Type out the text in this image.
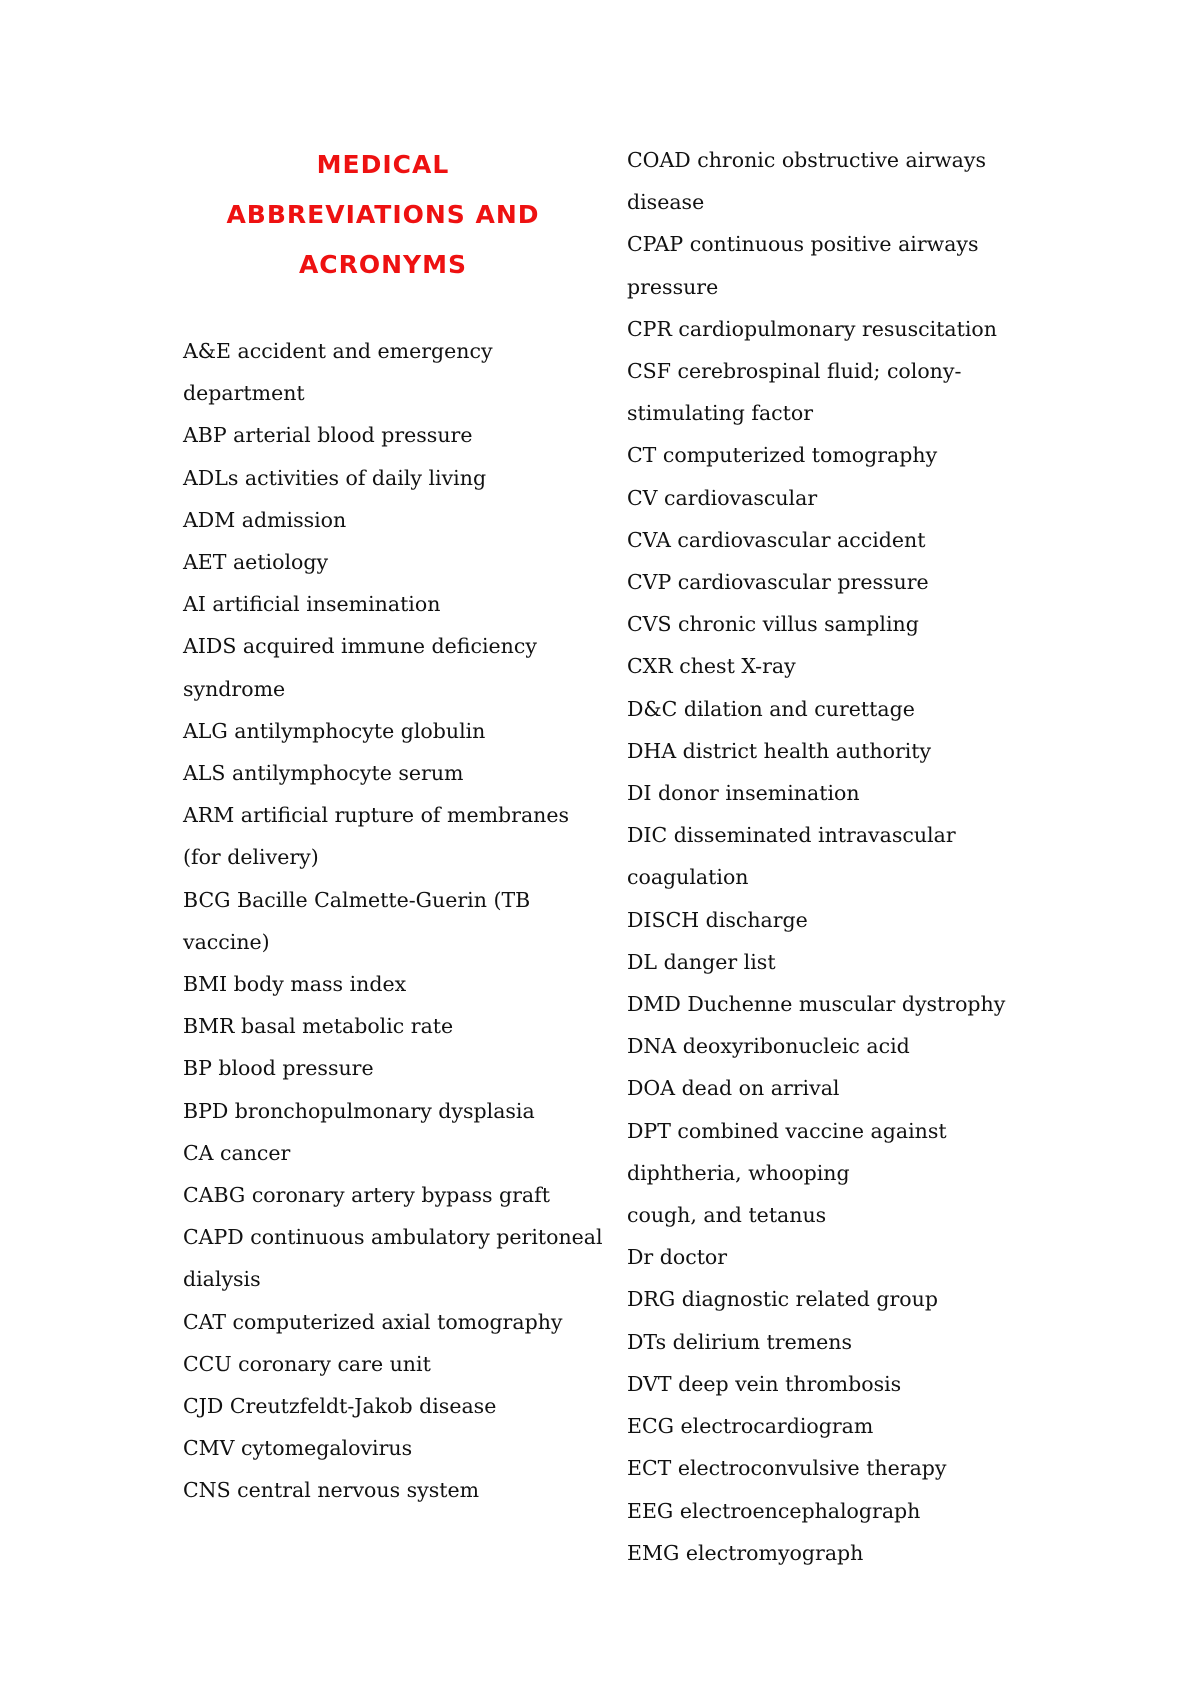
MEDICAL
ABBREVIATIONS AND
ACRONYMS
A&E accident and emergency
department
ABP arterial blood pressure
ADLs activities of daily living
ADM admission
AET aetiology
AI artificial insemination
AIDS acquired immune deficiency
syndrome
ALG antilymphocyte globulin
ALS antilymphocyte serum
ARM artificial rupture of membranes
(for delivery)
BCG Bacille Calmette-Guerin (TB
vaccine)
BMI body mass index
BMR basal metabolic rate
BP blood pressure
BPD bronchopulmonary dysplasia
CA cancer
CABG coronary artery bypass graft
CAPD continuous ambulatory peritoneal
dialysis
CAT computerized axial tomography
CCU coronary care unit
CJD Creutzfeldt-Jakob disease
CMV cytomegalovirus
CNS central nervous system
COAD chronic obstructive airways
disease
CPAP continuous positive airways
pressure
CPR cardiopulmonary resuscitation
CSF cerebrospinal fluid; colony-
stimulating factor
CT computerized tomography
CV cardiovascular
CVA cardiovascular accident
CVP cardiovascular pressure
CVS chronic villus sampling
CXR chest X-ray
D&C dilation and curettage
DHA district health authority
DI donor insemination
DIC disseminated intravascular
coagulation
DISCH discharge
DL danger list
DMD Duchenne muscular dystrophy
DNA deoxyribonucleic acid
DOA dead on arrival
DPT combined vaccine against
diphtheria, whooping
cough, and tetanus
Dr doctor
DRG diagnostic related group
DTs delirium tremens
DVT deep vein thrombosis
ECG electrocardiogram
ECT electroconvulsive therapy
EEG electroencephalograph
EMG electromyograph
